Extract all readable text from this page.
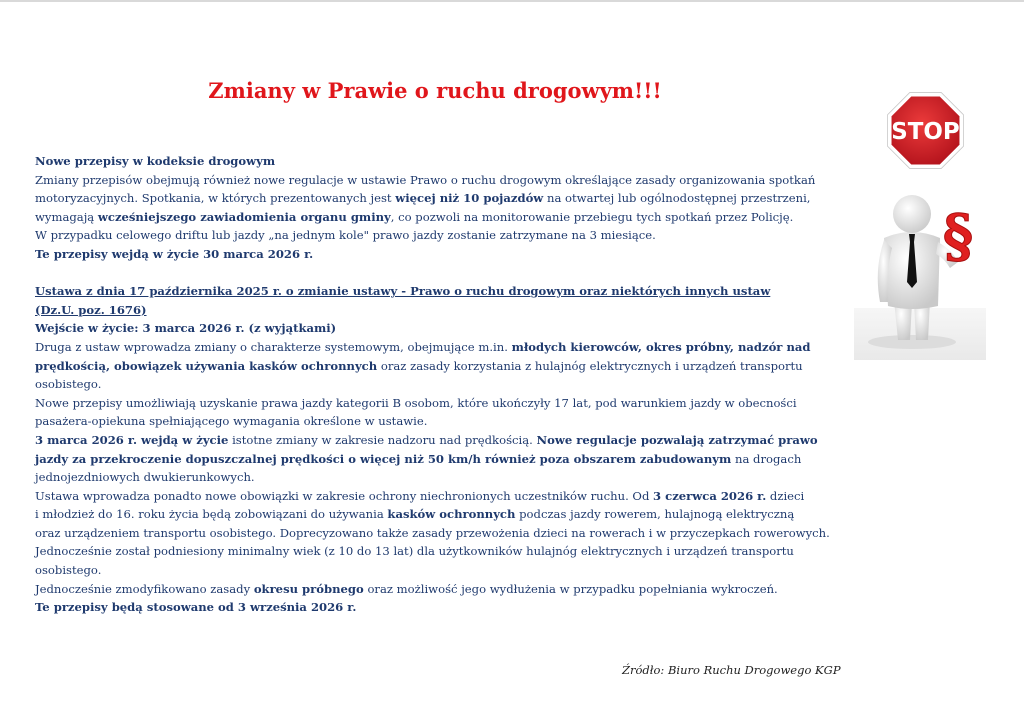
Zmiany w Prawie o ruchu drogowym!!!

Nowe przepisy w kodeksie drogowym

Zmiany przepisów obejmują również nowe regulacje w ustawie Prawo o ruchu drogowym określające zasady organizowania spotkań

motoryzacyjnych. Spotkania, w których prezentowanych jest więcej niż 10 pojazdów na otwartej lub ogólnodostępnej przestrzeni,

wymagają wcześniejszego zawiadomienia organu gminy, co pozwoli na monitorowanie przebiegu tych spotkań przez Policję.

W przypadku celowego driftu lub jazdy „na jednym kole" prawo jazdy zostanie zatrzymane na 3 miesiące.

Te przepisy wejdą w życie 30 marca 2026 r.

Ustawa z dnia 17 października 2025 r. o zmianie ustawy - Prawo o ruchu drogowym oraz niektórych innych ustaw

(Dz.U. poz. 1676)

Wejście w życie: 3 marca 2026 r. (z wyjątkami)

Druga z ustaw wprowadza zmiany o charakterze systemowym, obejmujące m.in. młodych kierowców, okres próbny, nadzór nad

prędkością, obowiązek używania kasków ochronnych oraz zasady korzystania z hulajnóg elektrycznych i urządzeń transportu

osobistego.

Nowe przepisy umożliwiają uzyskanie prawa jazdy kategorii B osobom, które ukończyły 17 lat, pod warunkiem jazdy w obecności

pasażera-opiekuna spełniającego wymagania określone w ustawie.

3 marca 2026 r. wejdą w życie istotne zmiany w zakresie nadzoru nad prędkością. Nowe regulacje pozwalają zatrzymać prawo

jazdy za przekroczenie dopuszczalnej prędkości o więcej niż 50 km/h również poza obszarem zabudowanym na drogach

jednojezdniowych dwukierunkowych.

Ustawa wprowadza ponadto nowe obowiązki w zakresie ochrony niechronionych uczestników ruchu. Od 3 czerwca 2026 r. dzieci

i młodzież do 16. roku życia będą zobowiązani do używania kasków ochronnych podczas jazdy rowerem, hulajnogą elektryczną

oraz urządzeniem transportu osobistego. Doprecyzowano także zasady przewożenia dzieci na rowerach i w przyczepkach rowerowych.

Jednocześnie został podniesiony minimalny wiek (z 10 do 13 lat) dla użytkowników hulajnóg elektrycznych i urządzeń transportu

osobistego.

Jednocześnie zmodyfikowano zasady okresu próbnego oraz możliwość jego wydłużenia w przypadku popełniania wykroczeń.

Te przepisy będą stosowane od 3 września 2026 r.

STOP
§
Źródło: Biuro Ruchu Drogowego KGP
